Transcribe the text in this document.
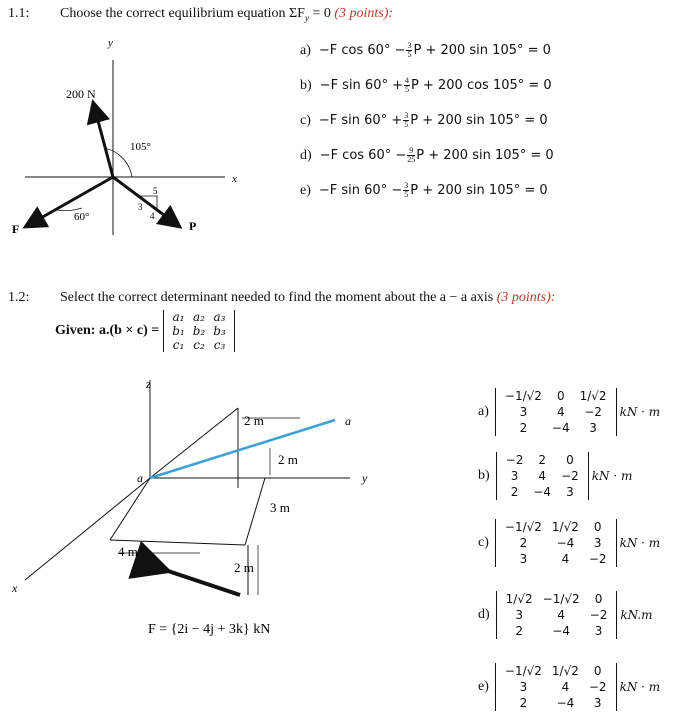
1.1: Choose the correct equilibrium equation $\Sigma F_y = 0$ (3 points):
y
x
200 N
105°
60°
F	P
3
5
4
a) −F $\cos 60^\circ - \frac{3}{5}$ P + 200 sin 105° = 0
b) −F $\sin 60^\circ + \frac{4}{5}$ P + 200 cos 105° = 0
c) −F $\sin 60^\circ + \frac{3}{5}$ P + 200 sin 105° = 0
d) −F $\cos 60^\circ - \frac{9}{25}$ P + 200 sin 105° = 0
e) −F $\sin 60^\circ - \frac{3}{5}$ P + 200 sin 105° = 0
1.2: Select the correct determinant needed to find the moment about the a − a axis (3 points):
Given: a.(b × c) =
a₁	a₂	a₃
b₁	b₂	b₃
c₁	c₂	c₃
z
y
x
a
a
2 m
2 m
3 m
4 m
2 m
F = {2i − 4j + 3k} kN
a)
−1/√2	0	1/√2
3	4	−2
2	−4	3
kN · m
b)
−2	2	0
3	4	−2
2	−4	3
kN · m
c)
−1/√2	1/√2	0
2	−4	3
3	4	−2
kN · m
d)
1/√2	−1/√2	0
3	4	−2
2	−4	3
kN.m
e)
−1/√2	1/√2	0
3	4	−2
2	−4	3
kN · m
